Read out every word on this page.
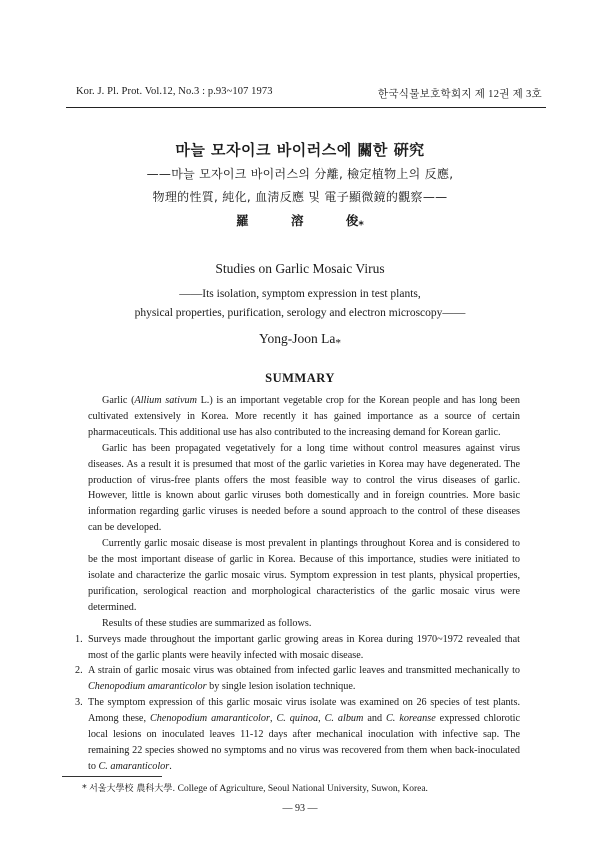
Kor. J. Pl. Prot. Vol.12, No.3 : p.93~107 1973	한국식물보호학회지 제 12권 제 3호
마늘 모자이크 바이러스에 關한 硏究
——마늘 모자이크 바이러스의 分離, 檢定植物上의 反應,
物理的性質, 純化, 血淸反應 및 電子顯微鏡的觀察——
羅 溶 俊$_*$
Studies on Garlic Mosaic Virus
——Its isolation, symptom expression in test plants,
physical properties, purification, serology and electron microscopy——
Yong-Joon $La_*$
SUMMARY

Garlic (Allium sativum L.) is an important vegetable crop for the Korean people and has long been cultivated extensively in Korea. More recently it has gained importance as a source of certain pharmaceuticals. This additional use has also contributed to the increasing demand for Korean garlic.

Garlic has been propagated vegetatively for a long time without control measures against virus diseases. As a result it is presumed that most of the garlic varieties in Korea may have degenerated. The production of virus-free plants offers the most feasible way to control the virus diseases of garlic. However, little is known about garlic viruses both domestically and in foreign countries. More basic information regarding garlic viruses is needed before a sound approach to the control of these diseases can be developed.

Currently garlic mosaic disease is most prevalent in plantings throughout Korea and is considered to be the most important disease of garlic in Korea. Because of this importance, studies were initiated to isolate and characterize the garlic mosaic virus. Symptom expression in test plants, physical properties, purification, serological reaction and morphological characteristics of the garlic mosaic virus were determined.

Results of these studies are summarized as follows.

1. Surveys made throughout the important garlic growing areas in Korea during 1970~1972 revealed that most of the garlic plants were heavily infected with mosaic disease.
2. A strain of garlic mosaic virus was obtained from infected garlic leaves and transmitted mechanically to Chenopodium amaranticolor by single lesion isolation technique.
3. The symptom expression of this garlic mosaic virus isolate was examined on 26 species of test plants. Among these, Chenopodium amaranticolor, C. quinoa, C. album and C. koreanse expressed chlorotic local lesions on inoculated leaves 11-12 days after mechanical inoculation with infective sap. The remaining 22 species showed no symptoms and no virus was recovered from them when back-inoculated to C. amaranticolor.
* 서울大學校 農科大學. College of Agriculture, Seoul National University, Suwon, Korea.
— 93 —
